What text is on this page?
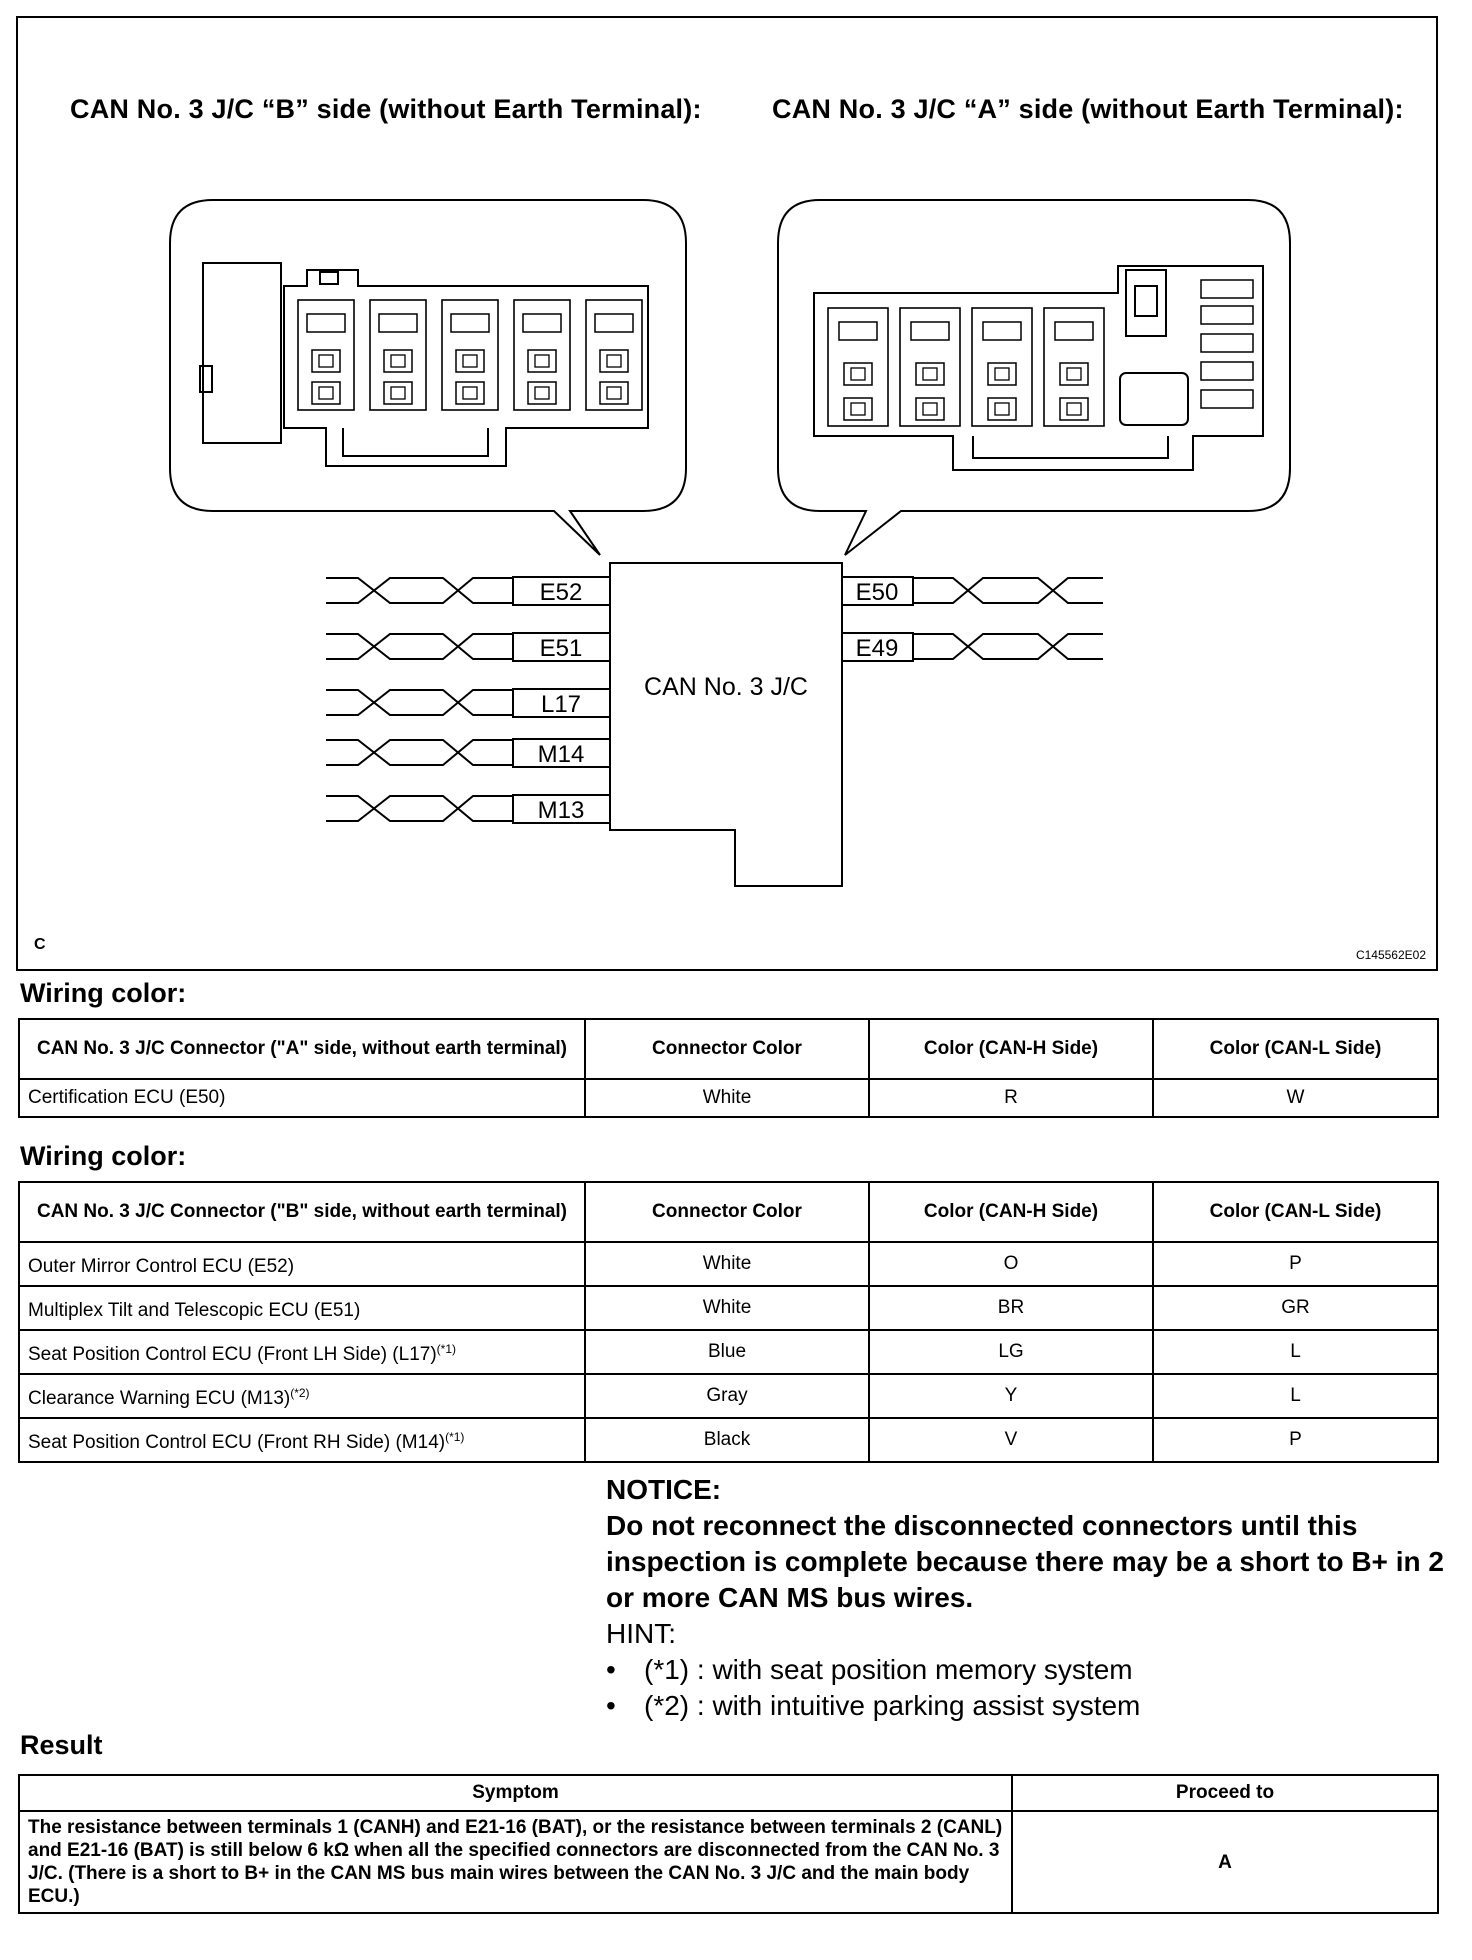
CAN No. 3 J/C “B” side (without Earth Terminal):	CAN No. 3 J/C “A” side (without Earth Terminal):
CAN No. 3 J/C
E52
E51
L17
M14
M13
E50
E49
C
C145562E02
Wiring color:
CAN No. 3 J/C Connector ("A" side, without earth terminal)	Connector Color	Color (CAN-H Side)	Color (CAN-L Side)
Certification ECU (E50)	White	R	W
Wiring color:
CAN No. 3 J/C Connector ("B" side, without earth terminal)	Connector Color	Color (CAN-H Side)	Color (CAN-L Side)
Outer Mirror Control ECU (E52)	White	O	P
Multiplex Tilt and Telescopic ECU (E51)	White	BR	GR
Seat Position Control ECU (Front LH Side) $(L17)^{(*1)}$	Blue	LG	L
Clearance Warning ECU $(M13)^{(*2)}$	Gray	Y	L
Seat Position Control ECU (Front RH Side) $(M14)^{(*1)}$	Black	V	P
NOTICE:
Do not reconnect the disconnected connectors until this inspection is complete because there may be a short to B+ in 2 or more CAN MS bus wires.
HINT:
• (*1) : with seat position memory system
• (*2) : with intuitive parking assist system
Result
Symptom	Proceed to
The resistance between terminals 1 (CANH) and E21-16 (BAT), or the resistance between terminals 2 (CANL) and E21-16 (BAT) is still below 6 kΩ when all the specified connectors are disconnected from the CAN No. 3 J/C. (There is a short to B+ in the CAN MS bus main wires between the CAN No. 3 J/C and the main body ECU.)	A
